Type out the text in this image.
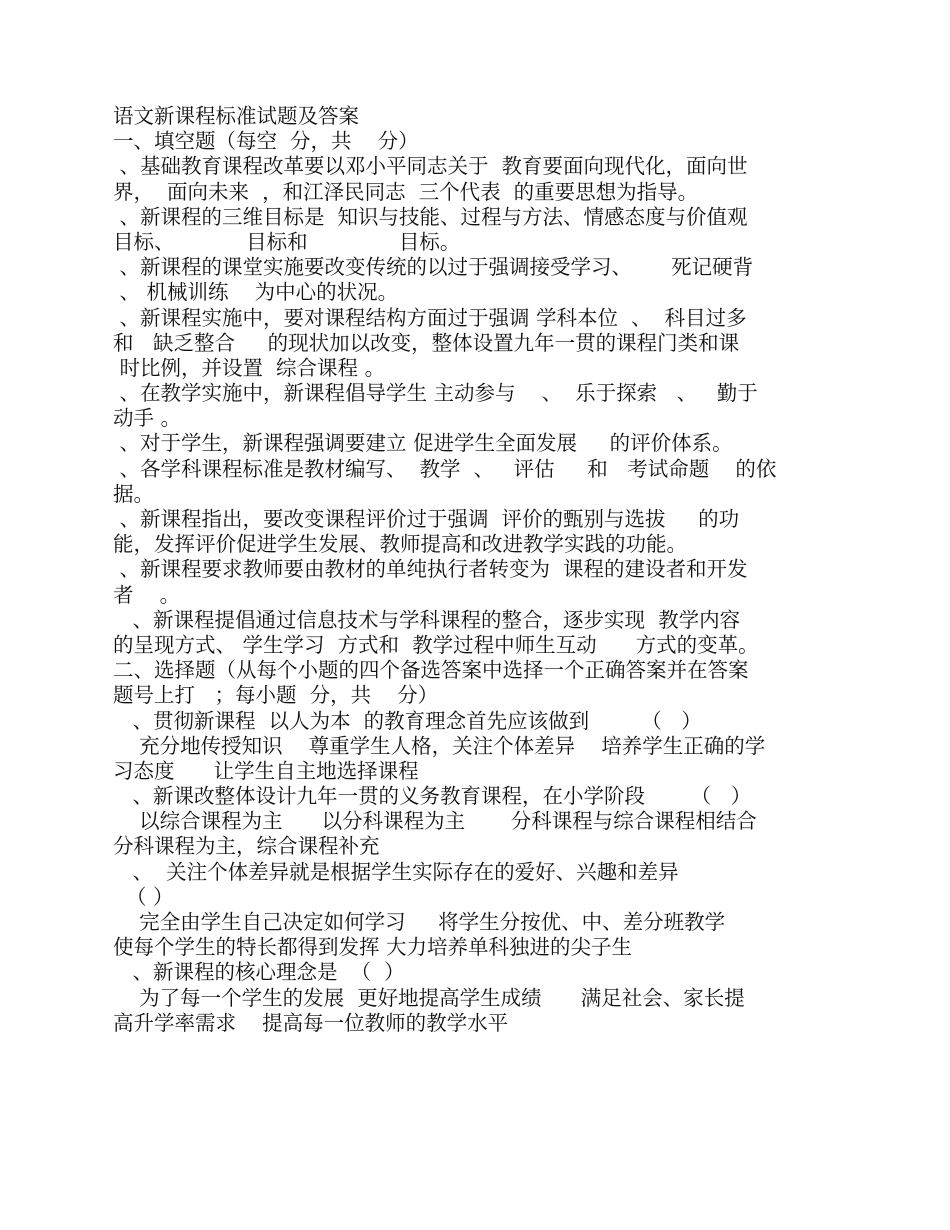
语文新课程标准试题及答案
一、填空题（每空  分，共    分）
、基础教育课程改革要以邓小平同志关于  教育要面向现代化，面向世
界，  面向未来  ，和江泽民同志  三个代表  的重要思想为指导。
、新课程的三维目标是  知识与技能、过程与方法、情感态度与价值观
目标、           目标和              目标。
、新课程的课堂实施要改变传统的以过于强调接受学习、      死记硬背
、 机械训练    为中心的状况。
、新课程实施中，要对课程结构方面过于强调 学科本位  、  科目过多
和   缺乏整合     的现状加以改变，整体设置九年一贯的课程门类和课
时比例，并设置  综合课程 。
、在教学实施中，新课程倡导学生 主动参与    、  乐于探索   、   勤于
动手 。
、对于学生，新课程强调要建立 促进学生全面发展     的评价体系。
、各学科课程标准是教材编写、  教学  、   评估     和   考试命题    的依
据。
、新课程指出，要改变课程评价过于强调  评价的甄别与选拔     的功
能，发挥评价促进学生发展、教师提高和改进教学实践的功能。
、新课程要求教师要由教材的单纯执行者转变为  课程的建设者和开发
者    。
、新课程提倡通过信息技术与学科课程的整合，逐步实现  教学内容
的呈现方式、 学生学习  方式和  教学过程中师生互动      方式的变革。
二、选择题（从每个小题的四个备选答案中选择一个正确答案并在答案
题号上打   ；每小题  分，共    分）
、贯彻新课程  以人为本  的教育理念首先应该做到        （   ）
充分地传授知识    尊重学生人格，关注个体差异    培养学生正确的学
习态度      让学生自主地选择课程
、新课改整体设计九年一贯的义务教育课程，在小学阶段       （   ）
以综合课程为主      以分科课程为主       分科课程与综合课程相结合
分科课程为主，综合课程补充
、  关注个体差异就是根据学生实际存在的爱好、兴趣和差异
（ ）
完全由学生自己决定如何学习     将学生分按优、中、差分班教学
使每个学生的特长都得到发挥 大力培养单科独进的尖子生
、新课程的核心理念是  （  ）
为了每一个学生的发展  更好地提高学生成绩      满足社会、家长提
高升学率需求    提高每一位教师的教学水平
